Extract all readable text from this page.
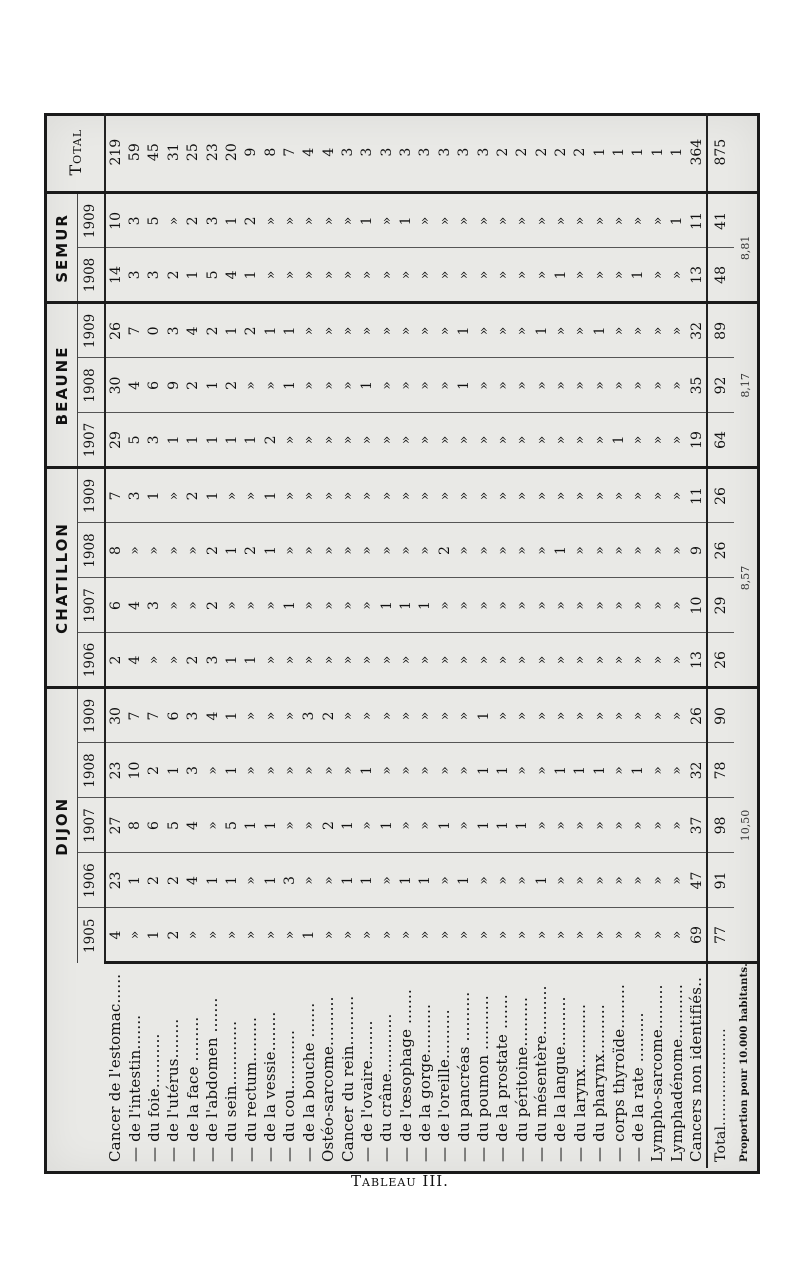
	DIJON					CHATILLON				BEAUNE			SEMUR		Total
	1905	1906	1907	1908	1909	1906	1907	1908	1909	1907	1908	1909	1908	1909	
Cancer de l'estomac......	4	23	27	23	30	2	6	8	7	29	30	26	14	10	219
— de l'intestin.......	»	1	8	10	7	4	4	»	3	5	4	7	3	3	59
— du foie...........	1	2	6	2	7	»	3	»	1	3	6	0	3	5	45
— de l'utérus........	2	2	5	1	6	»	»	»	»	1	9	3	2	»	31
— de la face .........	»	4	4	3	3	2	»	»	2	1	2	4	1	2	25
— de l'abdomen .......	»	1	»	»	4	3	2	2	1	1	1	2	5	3	23
— du sein.............	»	1	5	1	1	1	»	1	»	1	2	1	4	1	20
— du rectum.........	»	»	1	»	»	1	»	2	»	1	»	2	1	2	9
— de la vessie........	»	1	1	»	»	»	»	1	1	2	»	1	»	»	8
— du cou............	»	3	»	»	»	»	1	»	»	»	1	1	»	»	7
— de la bouche .......	1	»	»	»	3	»	»	»	»	»	»	»	»	»	4
Ostéo-sarcome..........	»	»	2	»	2	»	»	»	»	»	»	»	»	»	4
Cancer du rein..........	»	1	1	»	»	»	»	»	»	»	»	»	»	»	3
— de l'ovaire........	»	1	»	1	»	»	»	»	»	»	1	»	»	1	3
— du crâne............	»	»	1	»	»	»	1	»	»	»	»	»	»	»	3
— de l'œsophage .......	»	1	»	»	»	»	1	»	»	»	»	»	»	1	3
— de la gorge..........	»	1	»	»	»	»	1	»	»	»	»	»	»	»	3
— de l'oreille..........	»	»	1	»	»	»	»	2	»	»	»	»	»	»	3
— du pancréas ..........	»	1	»	»	»	»	»	»	»	»	1	1	»	»	3
— du poumon ...........	»	»	1	1	1	»	»	»	»	»	»	»	»	»	3
— de la prostate .......	»	»	1	1	»	»	»	»	»	»	»	»	»	»	2
— du péritoine..........	»	»	1	»	»	»	»	»	»	»	»	»	»	»	2
— du mésentère..........	»	1	»	»	»	»	»	»	»	»	»	1	»	»	2
— de la langue..........	»	»	»	1	»	»	»	1	»	»	»	»	1	»	2
— du larynx.............	»	»	»	1	»	»	»	»	»	»	»	»	»	»	2
— du pharynx..........	»	»	»	1	»	»	»	»	»	»	»	1	»	»	1
— corps thyroïde.........	»	»	»	»	»	»	»	»	»	1	»	»	»	»	1
— de la rate ..........	»	»	»	1	»	»	»	»	»	»	»	»	1	»	1
Lympho-sarcome.........	»	»	»	»	»	»	»	»	»	»	»	»	»	»	1
Lymphadénome...........	»	»	»	»	»	»	»	»	»	»	»	»	»	1	1
Cancers non identifiés..	69	47	37	32	26	13	10	9	11	19	35	32	13	11	364
Total.....................	77	91	98	78	90	26	29	26	26	64	92	89	48	41	875
Proportion pour 10.000 habitants.	10,50					8,57				8,17			8,81		
Tableau III.
